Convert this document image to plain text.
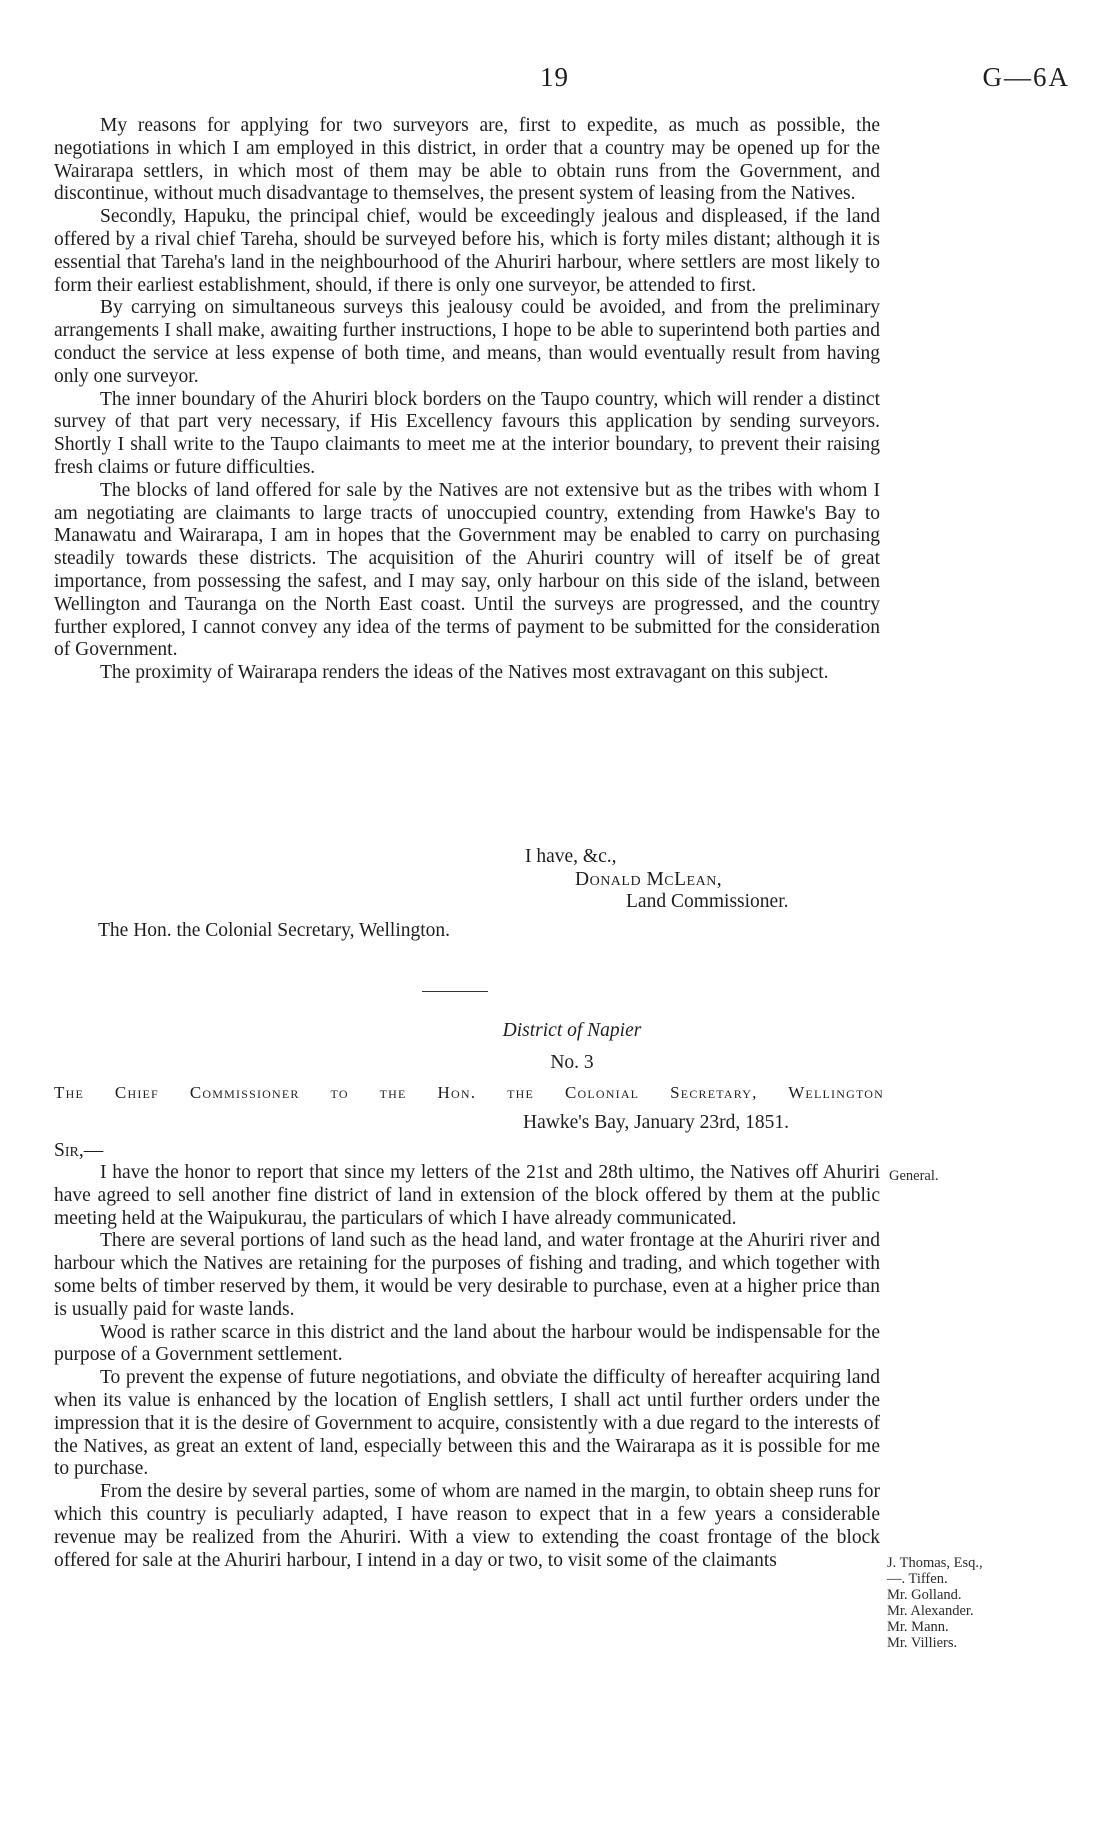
19	G—6A

My reasons for applying for two surveyors are, first to expedite, as much as possible, the negotiations in which I am employed in this district, in order that a country may be opened up for the Wairarapa settlers, in which most of them may be able to obtain runs from the Government, and discontinue, without much disadvantage to themselves, the present system of leasing from the Natives.

Secondly, Hapuku, the principal chief, would be exceedingly jealous and displeased, if the land offered by a rival chief Tareha, should be surveyed before his, which is forty miles distant; although it is essential that Tareha's land in the neighbourhood of the Ahuriri harbour, where settlers are most likely to form their earliest establishment, should, if there is only one surveyor, be attended to first.

By carrying on simultaneous surveys this jealousy could be avoided, and from the preliminary arrangements I shall make, awaiting further instructions, I hope to be able to superintend both parties and conduct the service at less expense of both time, and means, than would eventually result from having only one surveyor.

The inner boundary of the Ahuriri block borders on the Taupo country, which will render a distinct survey of that part very necessary, if His Excellency favours this application by sending surveyors. Shortly I shall write to the Taupo claimants to meet me at the interior boundary, to prevent their raising fresh claims or future difficulties.

The blocks of land offered for sale by the Natives are not extensive but as the tribes with whom I am negotiating are claimants to large tracts of unoccupied country, extending from Hawke's Bay to Manawatu and Wairarapa, I am in hopes that the Government may be enabled to carry on purchasing steadily towards these districts. The acquisition of the Ahuriri country will of itself be of great importance, from possessing the safest, and I may say, only harbour on this side of the island, between Wellington and Tauranga on the North East coast. Until the surveys are progressed, and the country further explored, I cannot convey any idea of the terms of payment to be submitted for the consideration of Government.

The proximity of Wairarapa renders the ideas of the Natives most extravagant on this subject.

I have, &c.,
Donald McLean,
Land Commissioner.
The Hon. the Colonial Secretary, Wellington.
District of Napier
No. 3
The Chief Commissioner to the Hon. the Colonial Secretary, Wellington
Hawke's Bay, January 23rd, 1851.
Sir,—

I have the honor to report that since my letters of the 21st and 28th ultimo, the Natives off Ahuriri have agreed to sell another fine district of land in extension of the block offered by them at the public meeting held at the Waipukurau, the particulars of which I have already communicated.

There are several portions of land such as the head land, and water frontage at the Ahuriri river and harbour which the Natives are retaining for the purposes of fishing and trading, and which together with some belts of timber reserved by them, it would be very desirable to purchase, even at a higher price than is usually paid for waste lands.

Wood is rather scarce in this district and the land about the harbour would be indispensable for the purpose of a Government settlement.

To prevent the expense of future negotiations, and obviate the difficulty of hereafter acquiring land when its value is enhanced by the location of English settlers, I shall act until further orders under the impression that it is the desire of Government to acquire, consistently with a due regard to the interests of the Natives, as great an extent of land, especially between this and the Wairarapa as it is possible for me to purchase.

From the desire by several parties, some of whom are named in the margin, to obtain sheep runs for which this country is peculiarly adapted, I have reason to expect that in a few years a considerable revenue may be realized from the Ahuriri. With a view to extending the coast frontage of the block offered for sale at the Ahuriri harbour, I intend in a day or two, to visit some of the claimants

General.
J. Thomas, Esq.,
—. Tiffen.
Mr. Golland.
Mr. Alexander.
Mr. Mann.
Mr. Villiers.
